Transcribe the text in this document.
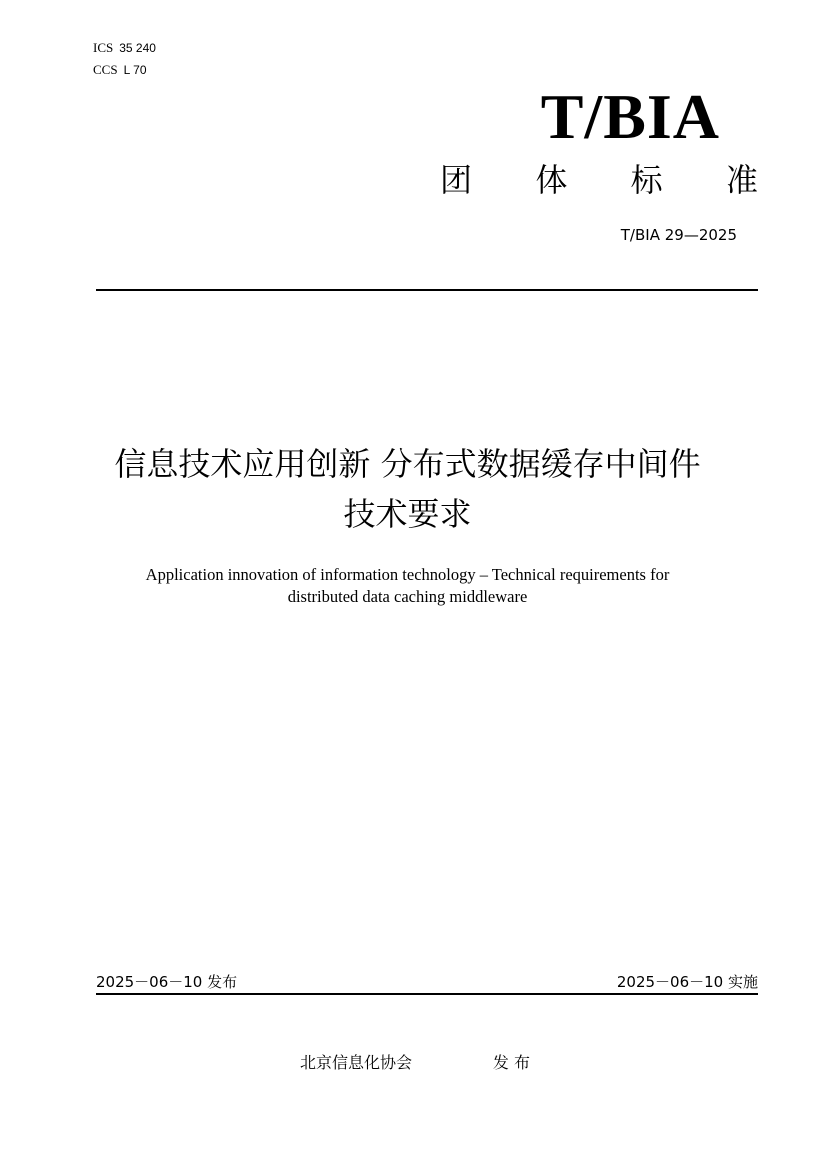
ICS 35 240
CCS L 70
T/BIA
团 体 标 准
T/BIA 29—2025
信息技术应用创新 分布式数据缓存中间件
技术要求
Application innovation of information technology – Technical requirements for
distributed data caching middleware
2025－06－10 发布	2025－06－10 实施
北京信息化协会	发 布
